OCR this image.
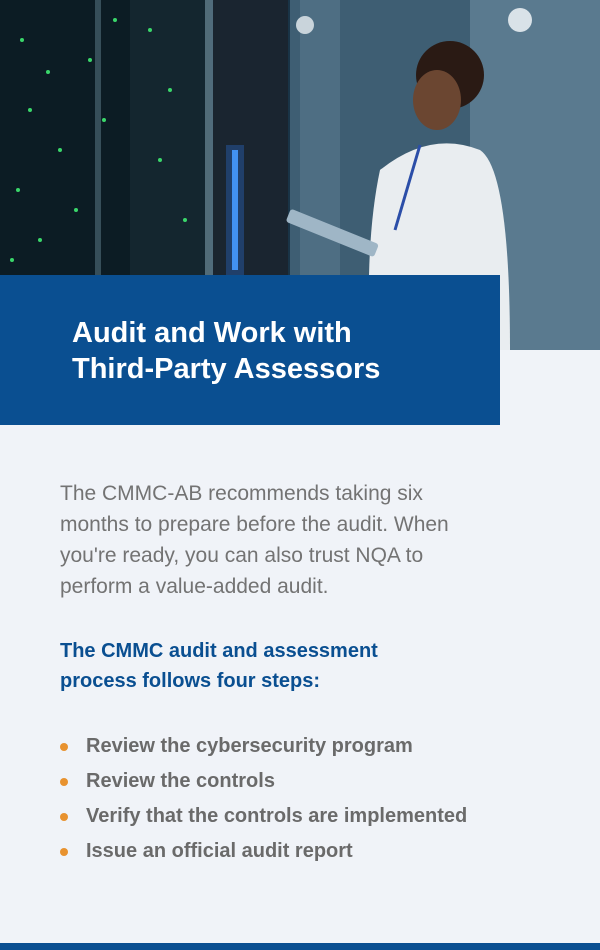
Audit and Work with
Third-Party Assessors

The CMMC-AB recommends taking six
months to prepare before the audit. When
you're ready, you can also trust NQA to
perform a value-added audit.

The CMMC audit and assessment
process follows four steps:
Review the cybersecurity program
Review the controls
Verify that the controls are implemented
Issue an official audit report
